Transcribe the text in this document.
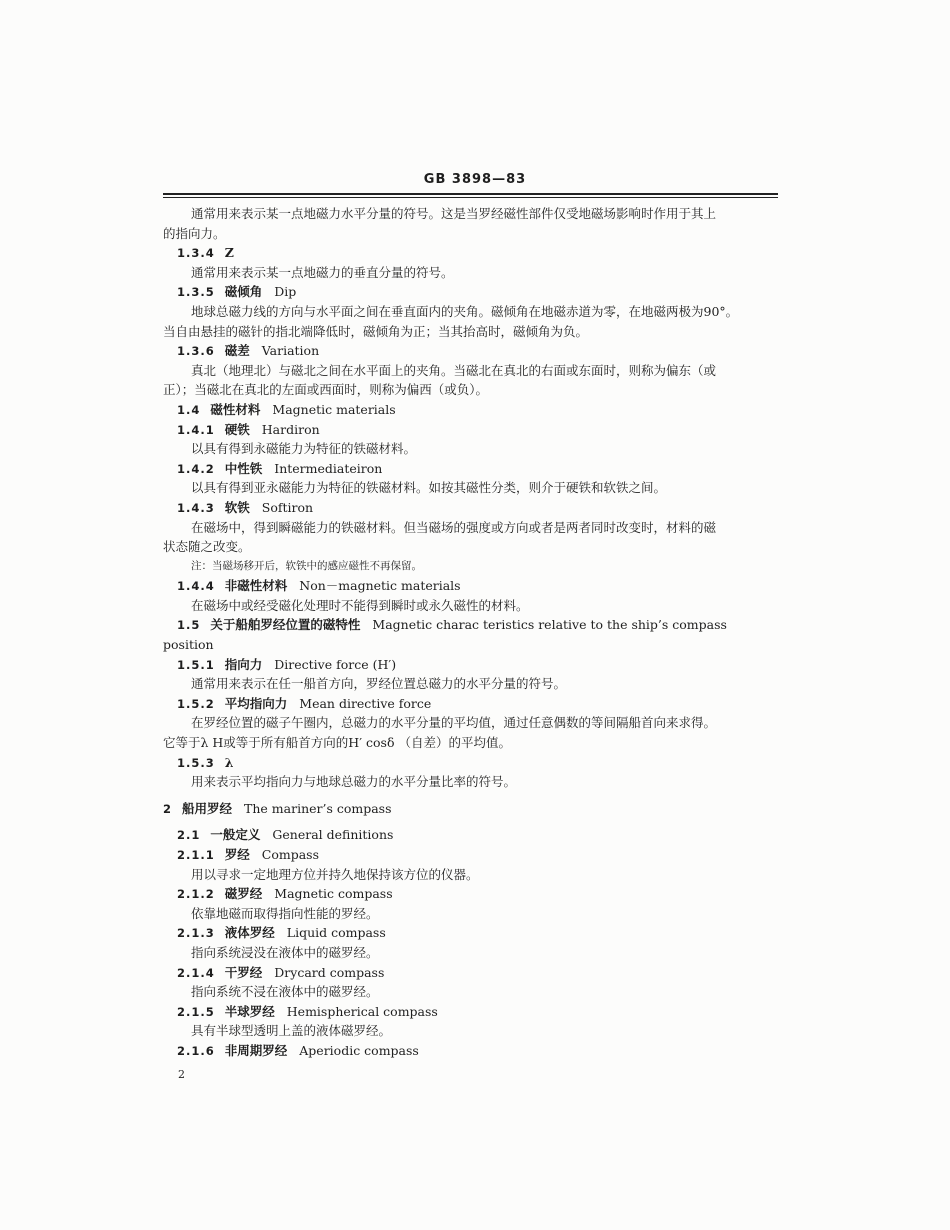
GB 3898—83
通常用来表示某一点地磁力水平分量的符号。这是当罗经磁性部件仅受地磁场影响时作用于其上
的指向力。
1.3.4 Z
通常用来表示某一点地磁力的垂直分量的符号。
1.3.5 磁倾角 Dip
地球总磁力线的方向与水平面之间在垂直面内的夹角。磁倾角在地磁赤道为零，在地磁两极为90°。
当自由悬挂的磁针的指北端降低时，磁倾角为正；当其抬高时，磁倾角为负。
1.3.6 磁差 Variation
真北（地理北）与磁北之间在水平面上的夹角。当磁北在真北的右面或东面时，则称为偏东（或
正）；当磁北在真北的左面或西面时，则称为偏西（或负）。
1.4 磁性材料 Magnetic materials
1.4.1 硬铁 Hardiron
以具有得到永磁能力为特征的铁磁材料。
1.4.2 中性铁 Intermediateiron
以具有得到亚永磁能力为特征的铁磁材料。如按其磁性分类，则介于硬铁和软铁之间。
1.4.3 软铁 Softiron
在磁场中，得到瞬磁能力的铁磁材料。但当磁场的强度或方向或者是两者同时改变时，材料的磁
状态随之改变。
注：当磁场移开后，软铁中的感应磁性不再保留。
1.4.4 非磁性材料 Non－magnetic materials
在磁场中或经受磁化处理时不能得到瞬时或永久磁性的材料。
1.5 关于船舶罗经位置的磁特性 Magnetic charac teristics relative to the ship’s compass
position
1.5.1 指向力 Directive force (H′)
通常用来表示在任一船首方向，罗经位置总磁力的水平分量的符号。
1.5.2 平均指向力 Mean directive force
在罗经位置的磁子午圈内，总磁力的水平分量的平均值，通过任意偶数的等间隔船首向来求得。
它等于λ H或等于所有船首方向的H′ cosδ （自差）的平均值。
1.5.3 λ
用来表示平均指向力与地球总磁力的水平分量比率的符号。
2 船用罗经 The mariner’s compass
2.1 一般定义 General definitions
2.1.1 罗经 Compass
用以寻求一定地理方位并持久地保持该方位的仪器。
2.1.2 磁罗经 Magnetic compass
依靠地磁而取得指向性能的罗经。
2.1.3 液体罗经 Liquid compass
指向系统浸没在液体中的磁罗经。
2.1.4 干罗经 Drycard compass
指向系统不浸在液体中的磁罗经。
2.1.5 半球罗经 Hemispherical compass
具有半球型透明上盖的液体磁罗经。
2.1.6 非周期罗经 Aperiodic compass
2
